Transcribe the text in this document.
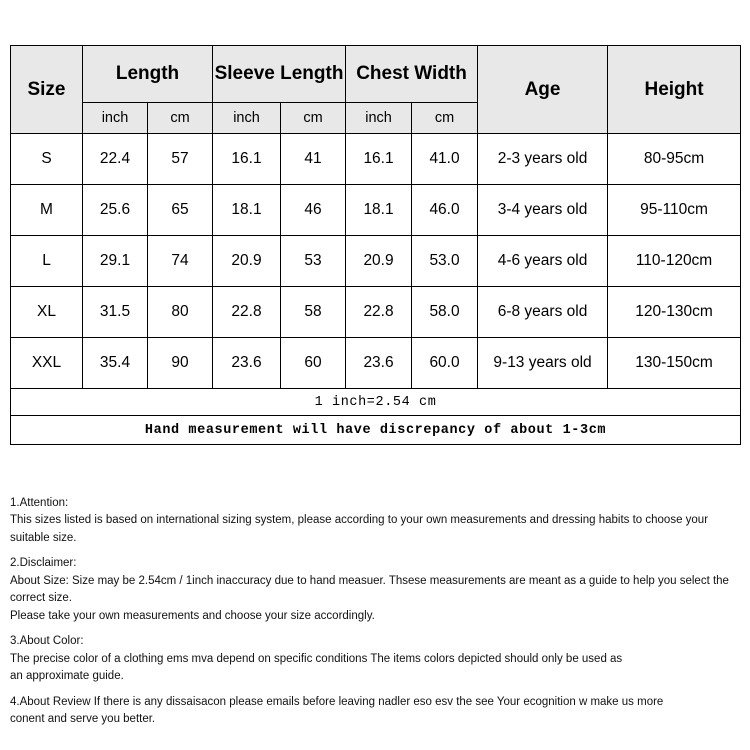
Size	Length		Sleeve Length		Chest Width		Age	Height
	inch	cm	inch	cm	inch	cm		
S	22.4	57	16.1	41	16.1	41.0	2-3 years old	80-95cm
M	25.6	65	18.1	46	18.1	46.0	3-4 years old	95-110cm
L	29.1	74	20.9	53	20.9	53.0	4-6 years old	110-120cm
XL	31.5	80	22.8	58	22.8	58.0	6-8 years old	120-130cm
XXL	35.4	90	23.6	60	23.6	60.0	9-13 years old	130-150cm
1 inch=2.54 cm								
Hand measurement will have discrepancy of about 1-3cm								

1.Attention:

This sizes listed is based on international sizing system, please according to your own measurements and dressing habits to choose your suitable size.

2.Disclaimer:

About Size: Size may be 2.54cm / 1inch inaccuracy due to hand measuer. Thsese measurements are meant as a guide to help you select the correct size.

Please take your own measurements and choose your size accordingly.

3.About Color:

The precise color of a clothing ems mva depend on specific conditions The items colors depicted should only be used as

an approximate guide.

4.About Review If there is any dissaisacon please emails before leaving nadler eso esv the see Your ecognition w make us more

conent and serve you better.
